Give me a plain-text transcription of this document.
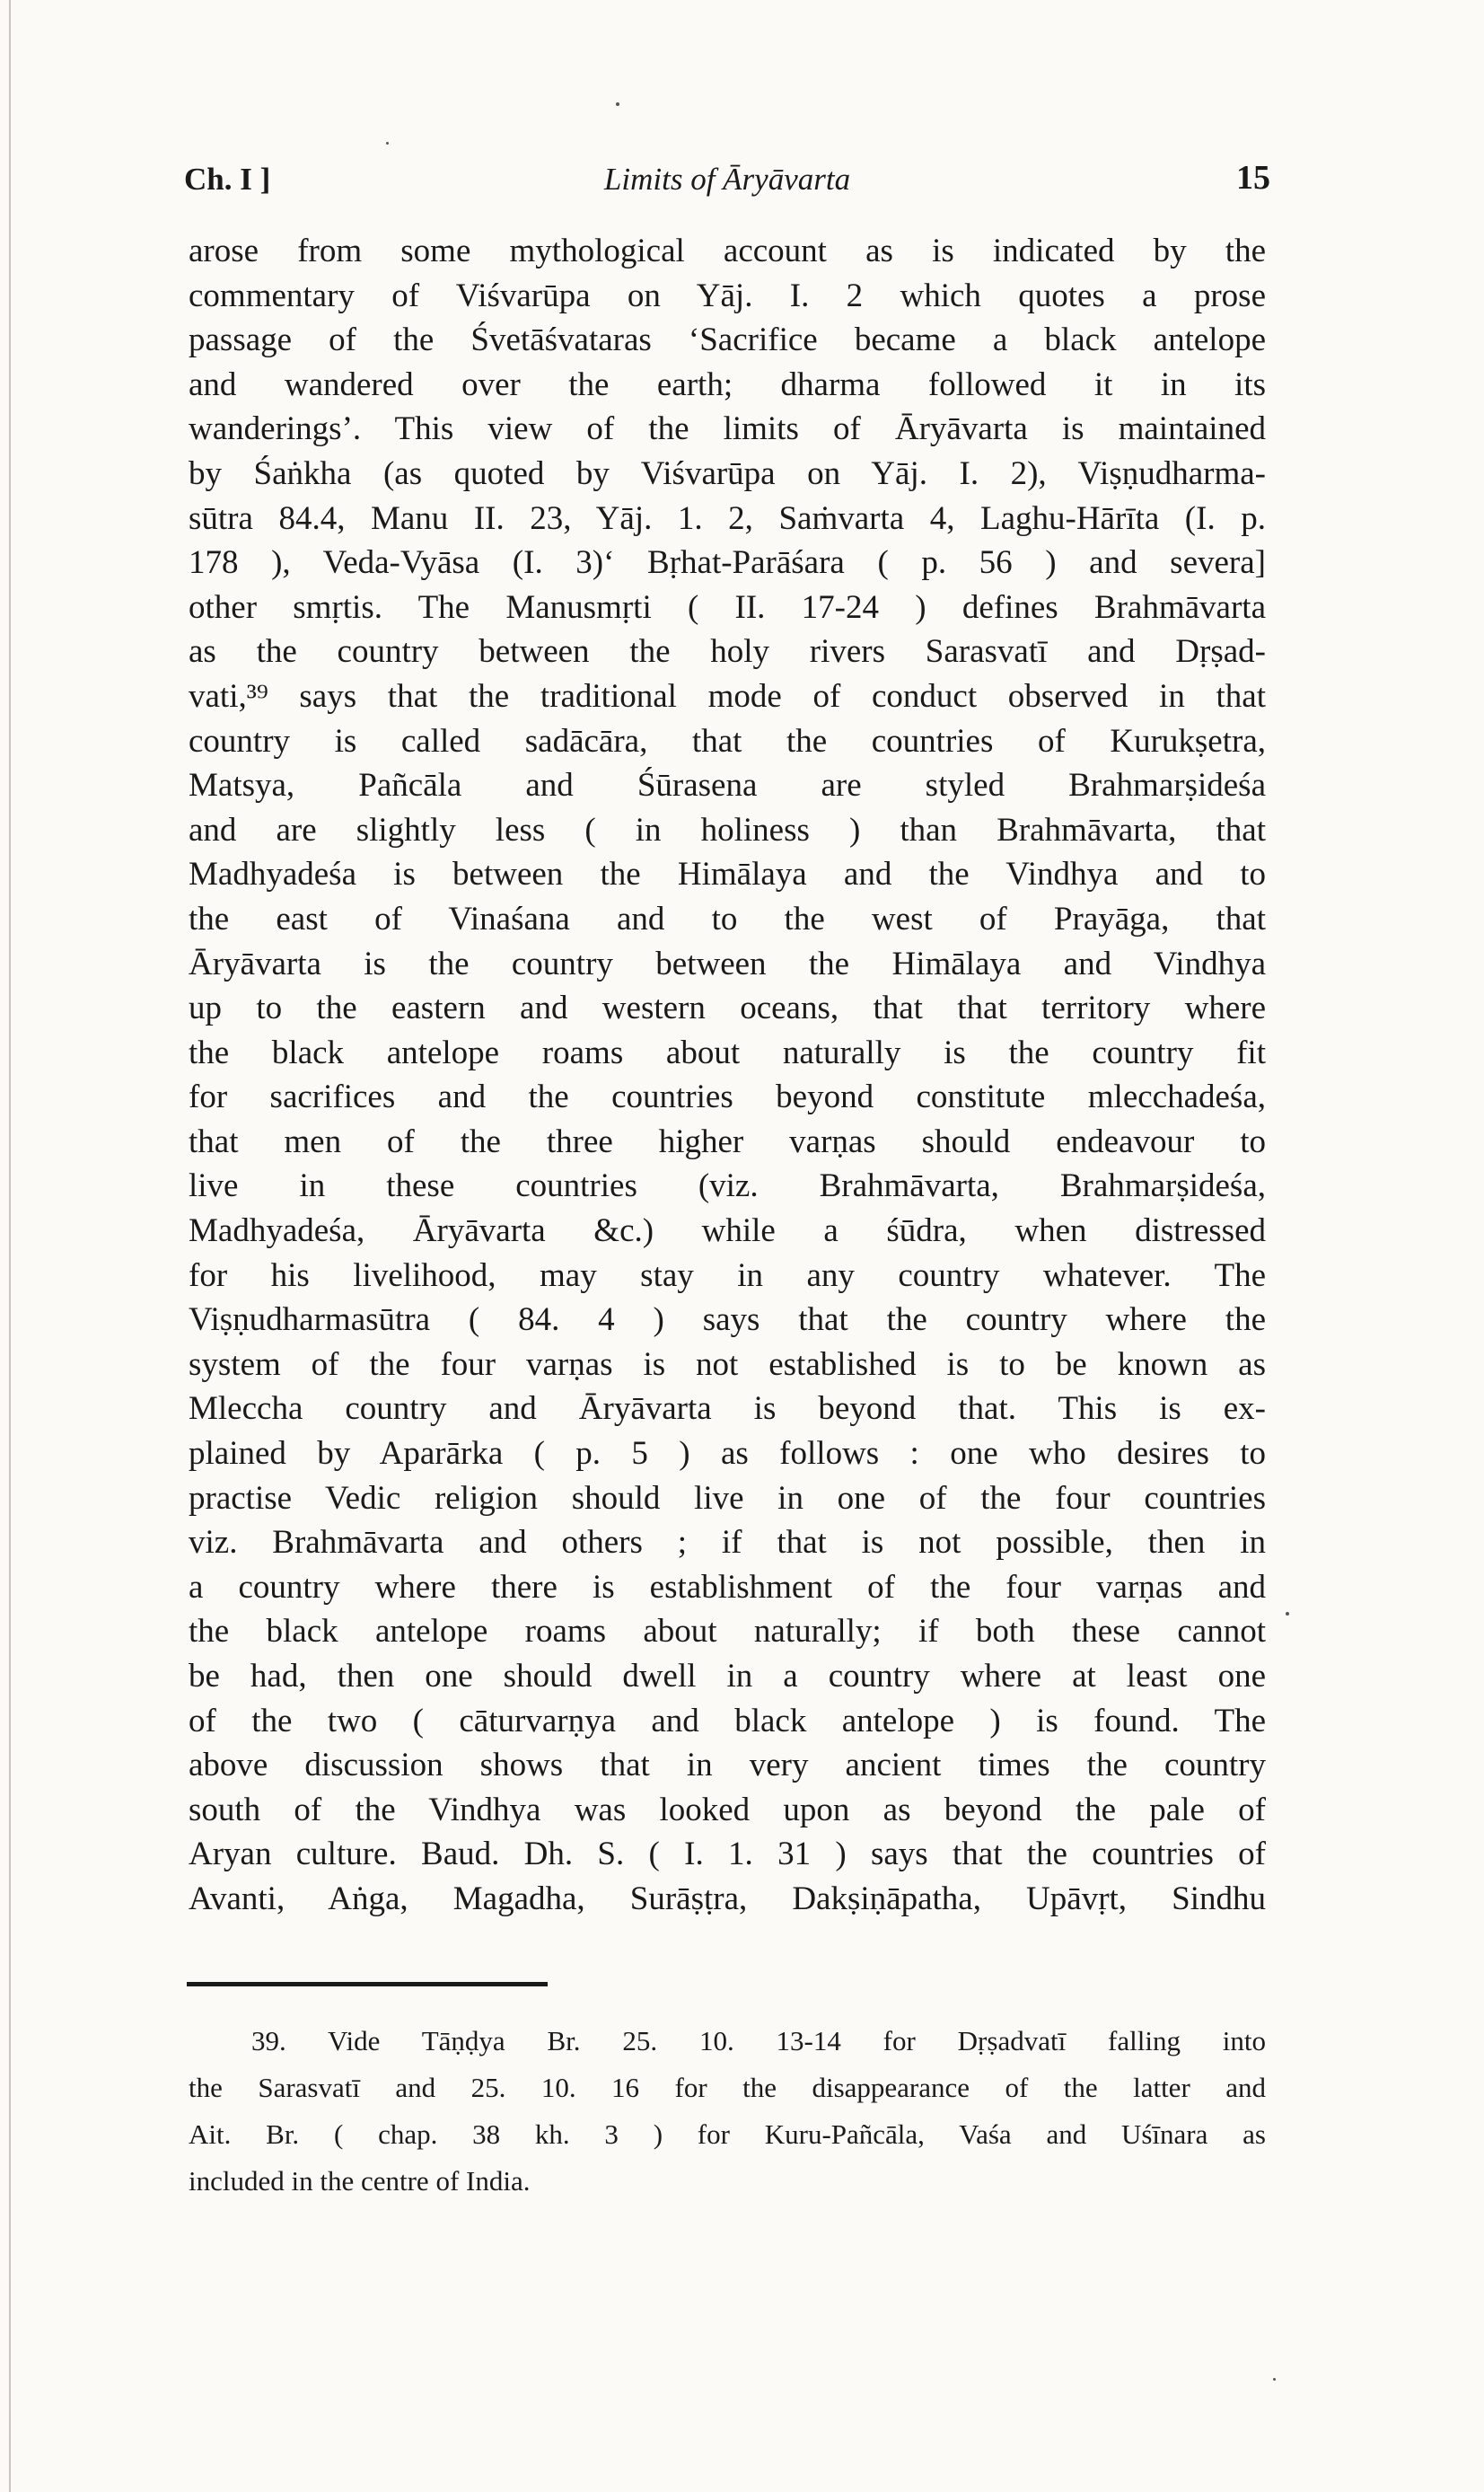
Ch. I ]	Limits of Āryāvarta	15
arose from some mythological account as is indicated by the
commentary of Viśvarūpa on Yāj. I. 2 which quotes a prose
passage of the Śvetāśvataras ‘Sacrifice became a black antelope
and wandered over the earth; dharma followed it in its
wanderings’. This view of the limits of Āryāvarta is maintained
by Śaṅkha (as quoted by Viśvarūpa on Yāj. I. 2), Viṣṇudharma-
sūtra 84.4, Manu II. 23, Yāj. 1. 2, Saṁvarta 4, Laghu-Hārīta (I. p.
178 ), Veda-Vyāsa (I. 3)‘ Bṛhat-Parāśara ( p. 56 ) and severa]
other smṛtis. The Manusmṛti ( II. 17-24 ) defines Brahmāvarta
as the country between the holy rivers Sarasvatī and Dṛṣad-
vati,³⁹ says that the traditional mode of conduct observed in that
country is called sadācāra, that the countries of Kurukṣetra,
Matsya, Pañcāla and Śūrasena are styled Brahmarṣideśa
and are slightly less ( in holiness ) than Brahmāvarta, that
Madhyadeśa is between the Himālaya and the Vindhya and to
the east of Vinaśana and to the west of Prayāga, that
Āryāvarta is the country between the Himālaya and Vindhya
up to the eastern and western oceans, that that territory where
the black antelope roams about naturally is the country fit
for sacrifices and the countries beyond constitute mlecchadeśa,
that men of the three higher varṇas should endeavour to
live in these countries (viz. Brahmāvarta, Brahmarṣideśa,
Madhyadeśa, Āryāvarta &c.) while a śūdra, when distressed
for his livelihood, may stay in any country whatever. The
Viṣṇudharmasūtra ( 84. 4 ) says that the country where the
system of the four varṇas is not established is to be known as
Mleccha country and Āryāvarta is beyond that. This is ex-
plained by Aparārka ( p. 5 ) as follows : one who desires to
practise Vedic religion should live in one of the four countries
viz. Brahmāvarta and others ; if that is not possible, then in
a country where there is establishment of the four varṇas and
the black antelope roams about naturally; if both these cannot
be had, then one should dwell in a country where at least one
of the two ( cāturvarṇya and black antelope ) is found. The
above discussion shows that in very ancient times the country
south of the Vindhya was looked upon as beyond the pale of
Aryan culture. Baud. Dh. S. ( I. 1. 31 ) says that the countries of
Avanti, Aṅga, Magadha, Surāṣṭra, Dakṣiṇāpatha, Upāvṛt, Sindhu
39. Vide Tāṇḍya Br. 25. 10. 13-14 for Dṛṣadvatī falling into
the Sarasvatī and 25. 10. 16 for the disappearance of the latter and
Ait. Br. ( chap. 38 kh. 3 ) for Kuru-Pañcāla, Vaśa and Uśīnara as
included in the centre of India.
